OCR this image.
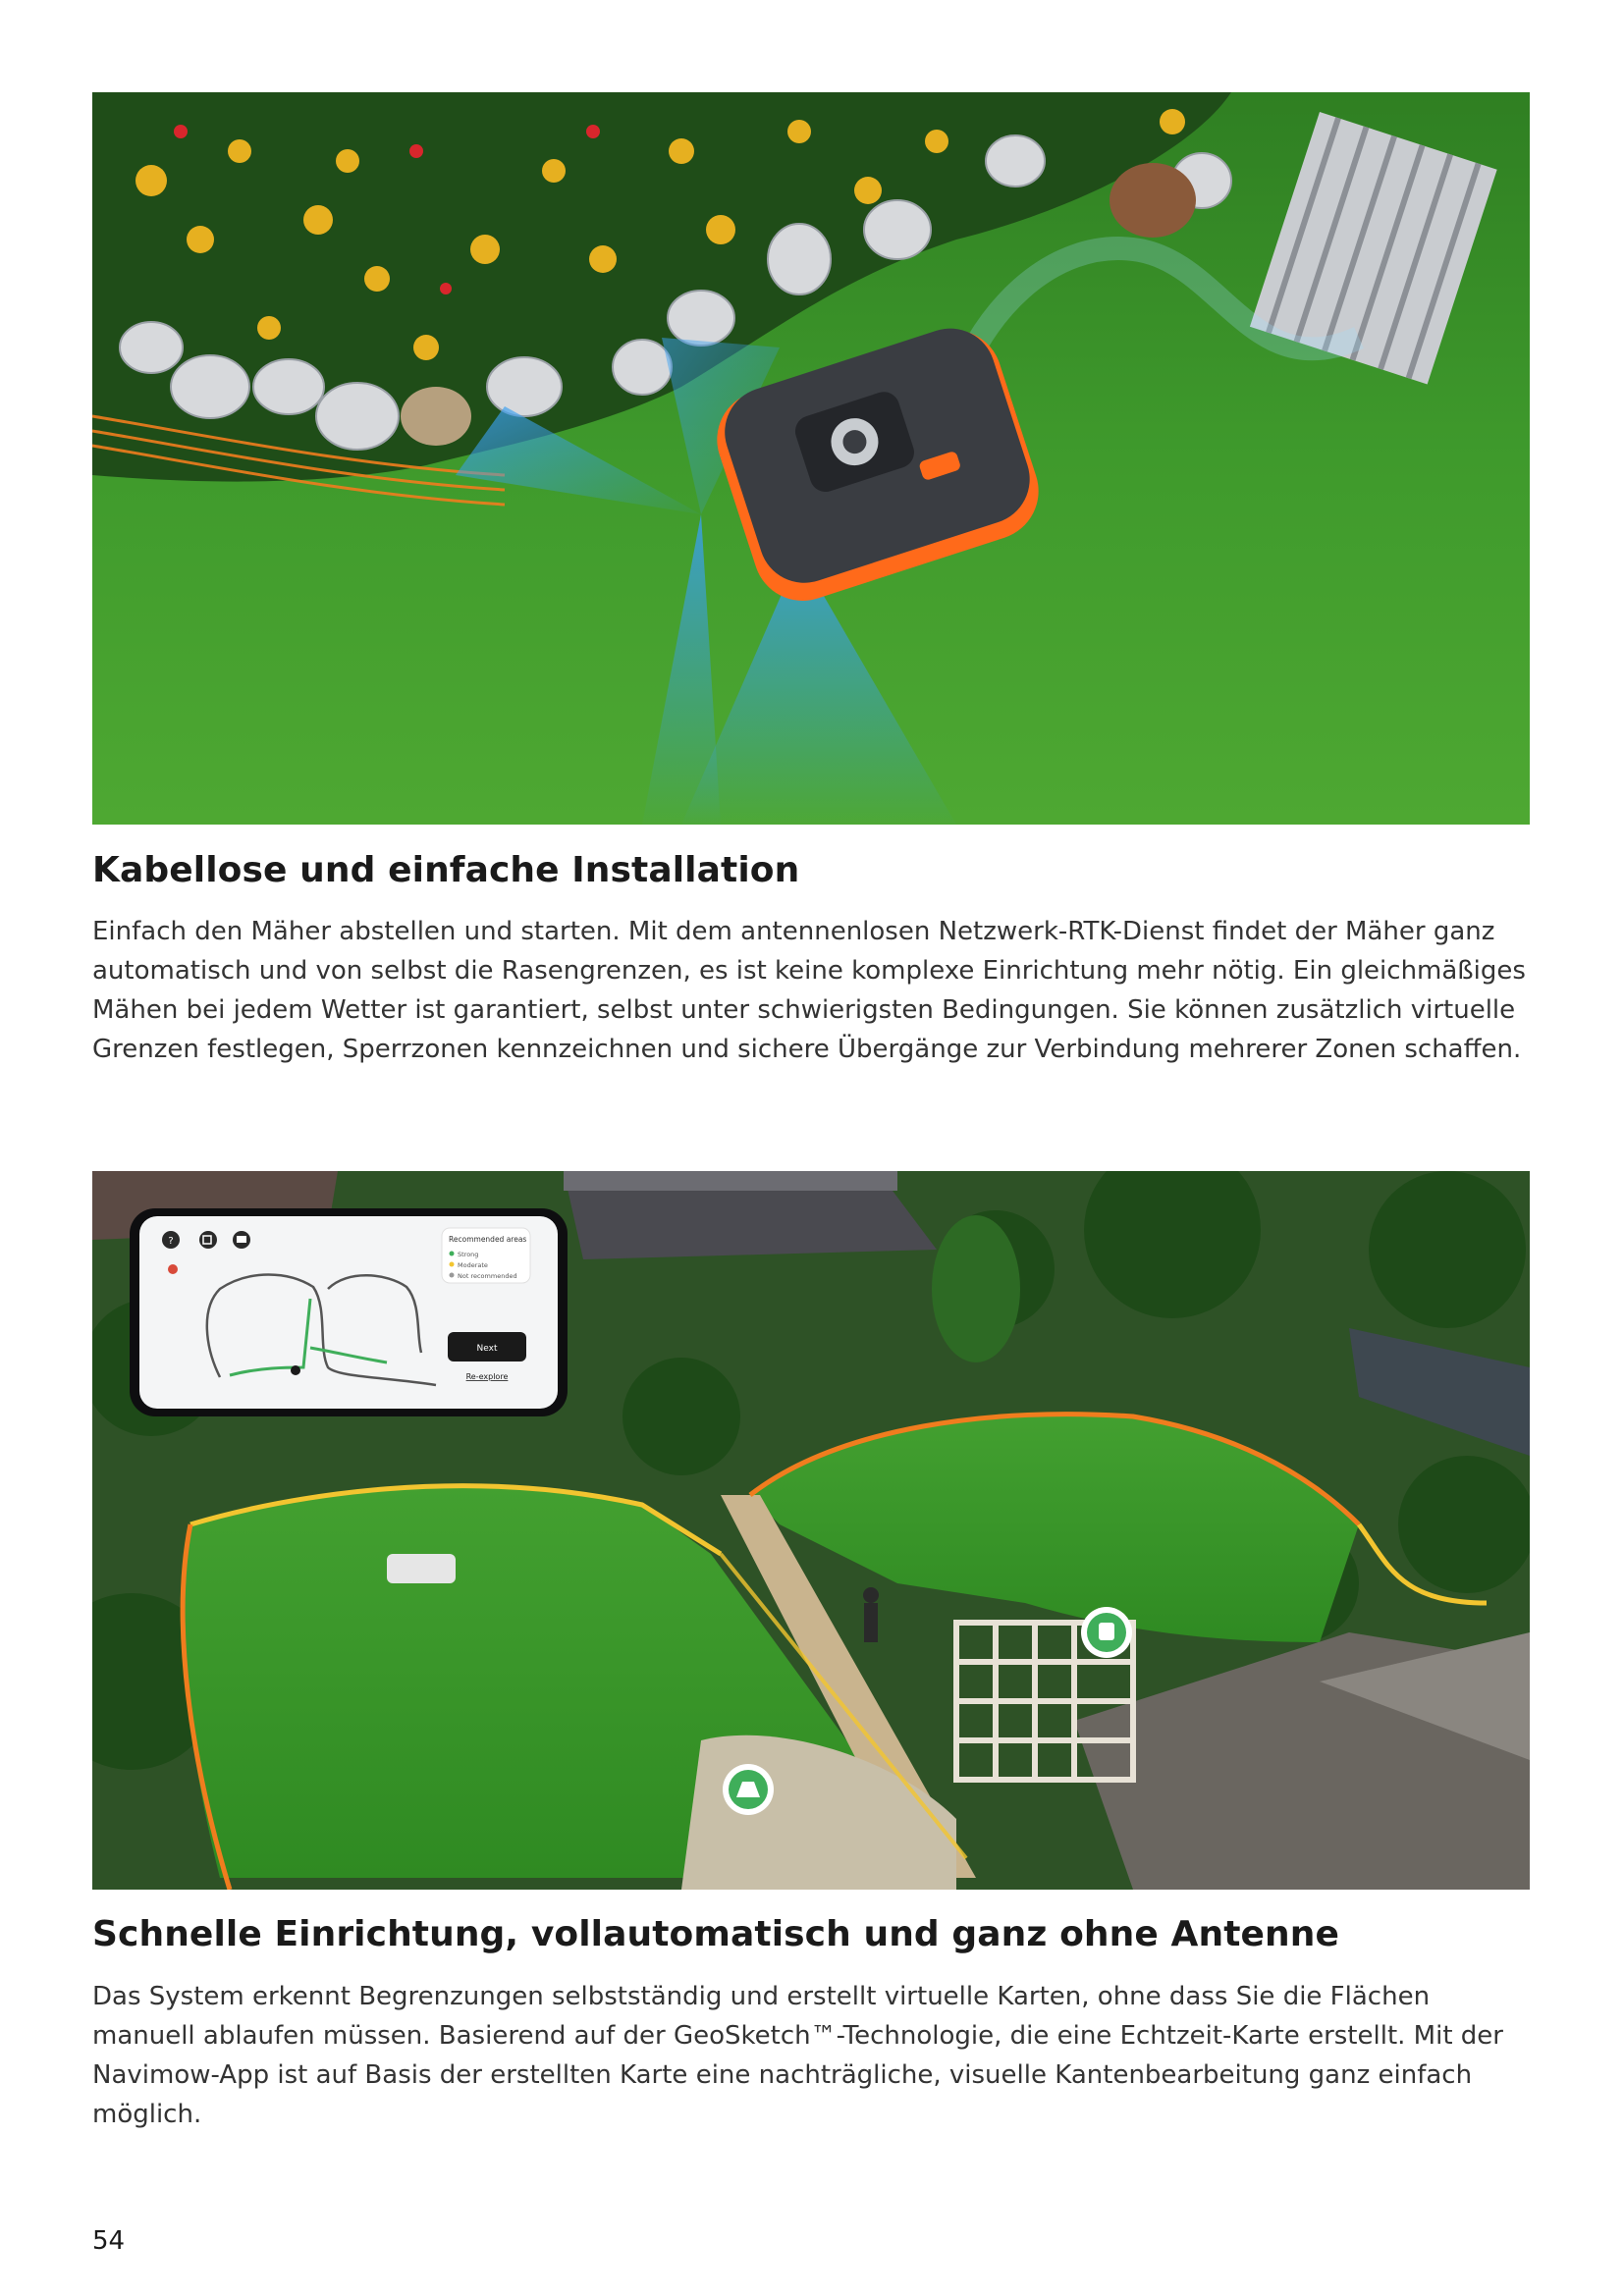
Kabellose und einfache Installation

Einfach den Mäher abstellen und starten. Mit dem antennenlosen Netzwerk-RTK-Dienst findet der Mäher ganz automatisch und von selbst die Rasengrenzen, es ist keine komplexe Einrichtung mehr nötig. Ein gleichmäßiges Mähen bei jedem Wetter ist garantiert, selbst unter schwierigsten Bedingungen. Sie können zusätzlich virtuelle Grenzen festlegen, Sperrzonen kennzeichnen und sichere Übergänge zur Verbindung mehrerer Zonen schaffen.

?	Recommended areas
Strong
Moderate
Not recommended
Next
Re-explore
Schnelle Einrichtung, vollautomatisch und ganz ohne Antenne

Das System erkennt Begrenzungen selbstständig und erstellt virtuelle Karten, ohne dass Sie die Flächen manuell ablaufen müssen. Basierend auf der GeoSketch™-Technologie, die eine Echtzeit-Karte erstellt. Mit der Navimow-App ist auf Basis der erstellten Karte eine nachträgliche, visuelle Kantenbearbeitung ganz einfach möglich.

54
